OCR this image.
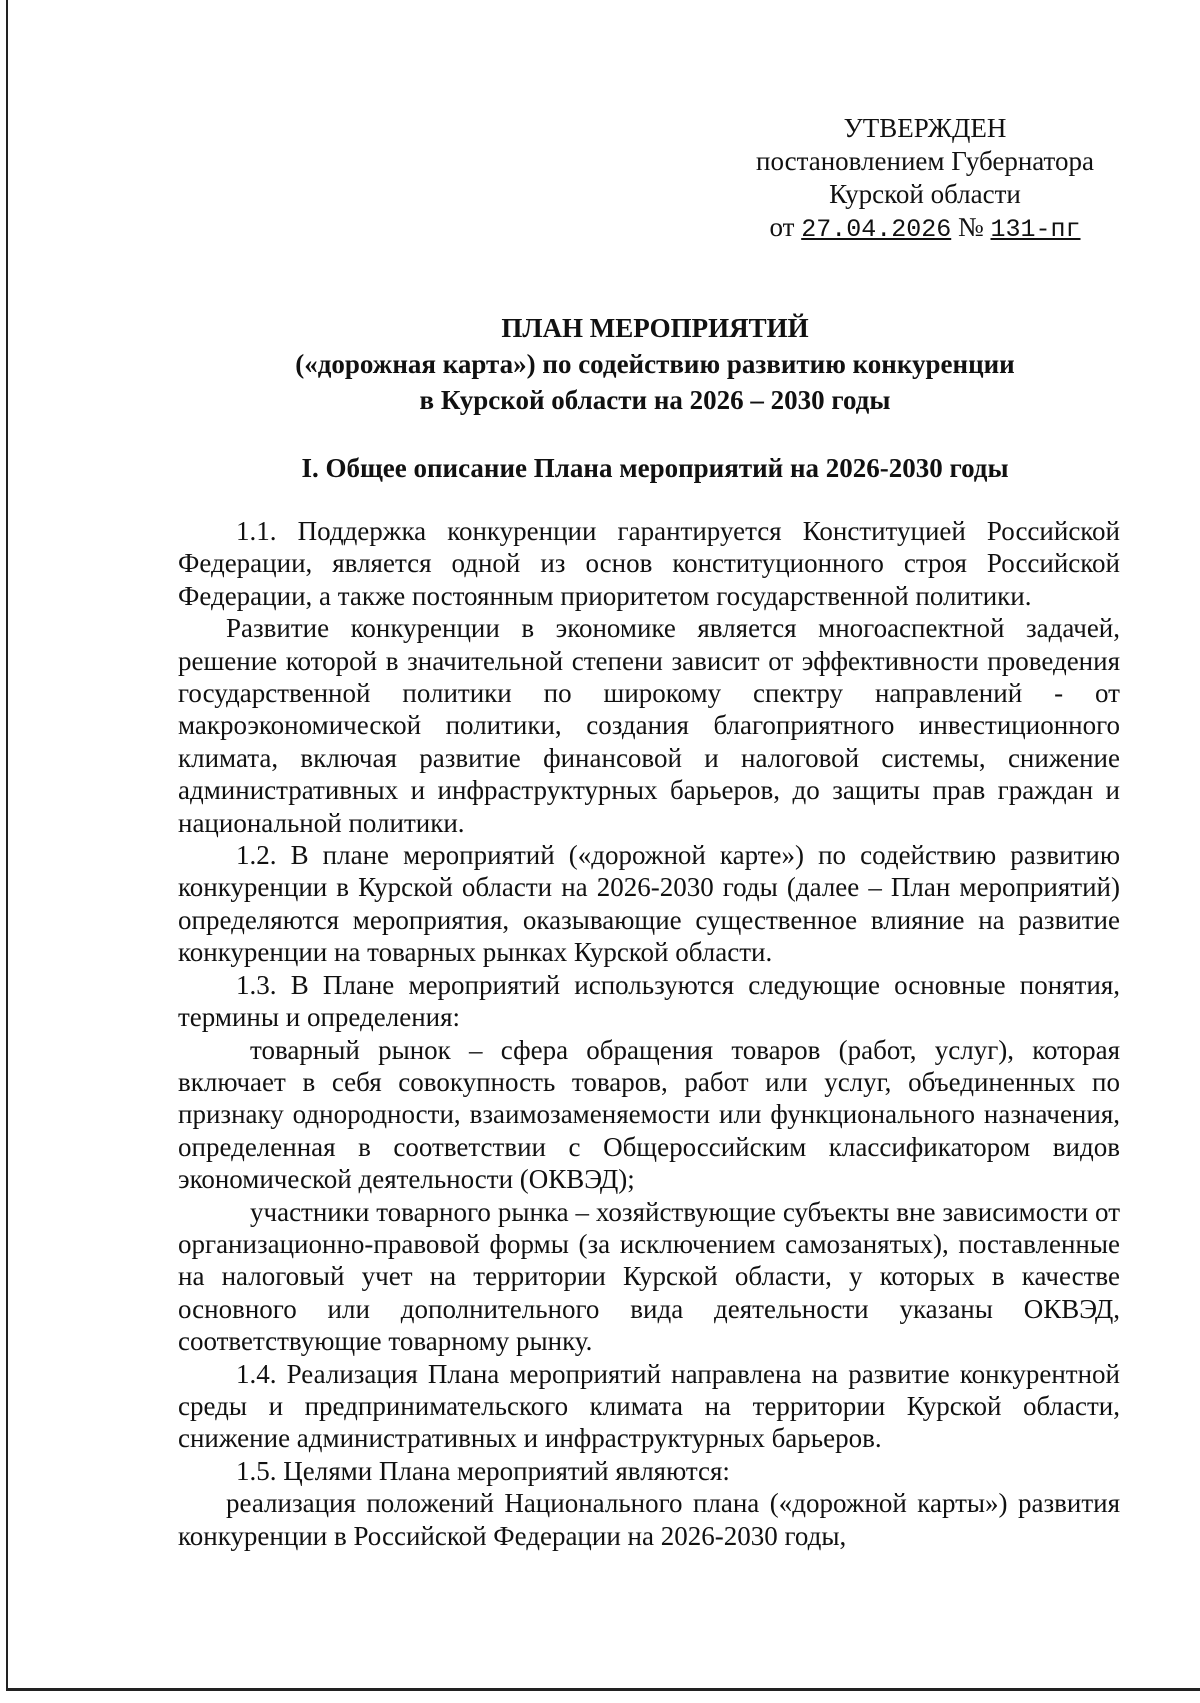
УТВЕРЖДЕН
постановлением Губернатора
Курской области
от 27.04.2026 № 131-пг
ПЛАН МЕРОПРИЯТИЙ
(«дорожная карта») по содействию развитию конкуренции
в Курской области на 2026 – 2030 годы
I. Общее описание Плана мероприятий на 2026-2030 годы

1.1. Поддержка конкуренции гарантируется Конституцией Российской Федерации, является одной из основ конституционного строя Российской Федерации, а также постоянным приоритетом государственной политики.

Развитие конкуренции в экономике является многоаспектной задачей, решение которой в значительной степени зависит от эффективности проведения государственной политики по широкому спектру направлений - от макроэкономической политики, создания благоприятного инвестиционного климата, включая развитие финансовой и налоговой системы, снижение административных и инфраструктурных барьеров, до защиты прав граждан и национальной политики.

1.2. В плане мероприятий («дорожной карте») по содействию развитию конкуренции в Курской области на 2026-2030 годы (далее – План мероприятий) определяются мероприятия, оказывающие существенное влияние на развитие конкуренции на товарных рынках Курской области.

1.3. В Плане мероприятий используются следующие основные понятия, термины и определения:

товарный рынок – сфера обращения товаров (работ, услуг), которая включает в себя совокупность товаров, работ или услуг, объединенных по признаку однородности, взаимозаменяемости или функционального назначения, определенная в соответствии с Общероссийским классификатором видов экономической деятельности (ОКВЭД);

участники товарного рынка – хозяйствующие субъекты вне зависимости от организационно-правовой формы (за исключением самозанятых), поставленные на налоговый учет на территории Курской области, у которых в качестве основного или дополнительного вида деятельности указаны ОКВЭД, соответствующие товарному рынку.

1.4. Реализация Плана мероприятий направлена на развитие конкурентной среды и предпринимательского климата на территории Курской области, снижение административных и инфраструктурных барьеров.

1.5. Целями Плана мероприятий являются:

реализация положений Национального плана («дорожной карты») развития конкуренции в Российской Федерации на 2026-2030 годы,
